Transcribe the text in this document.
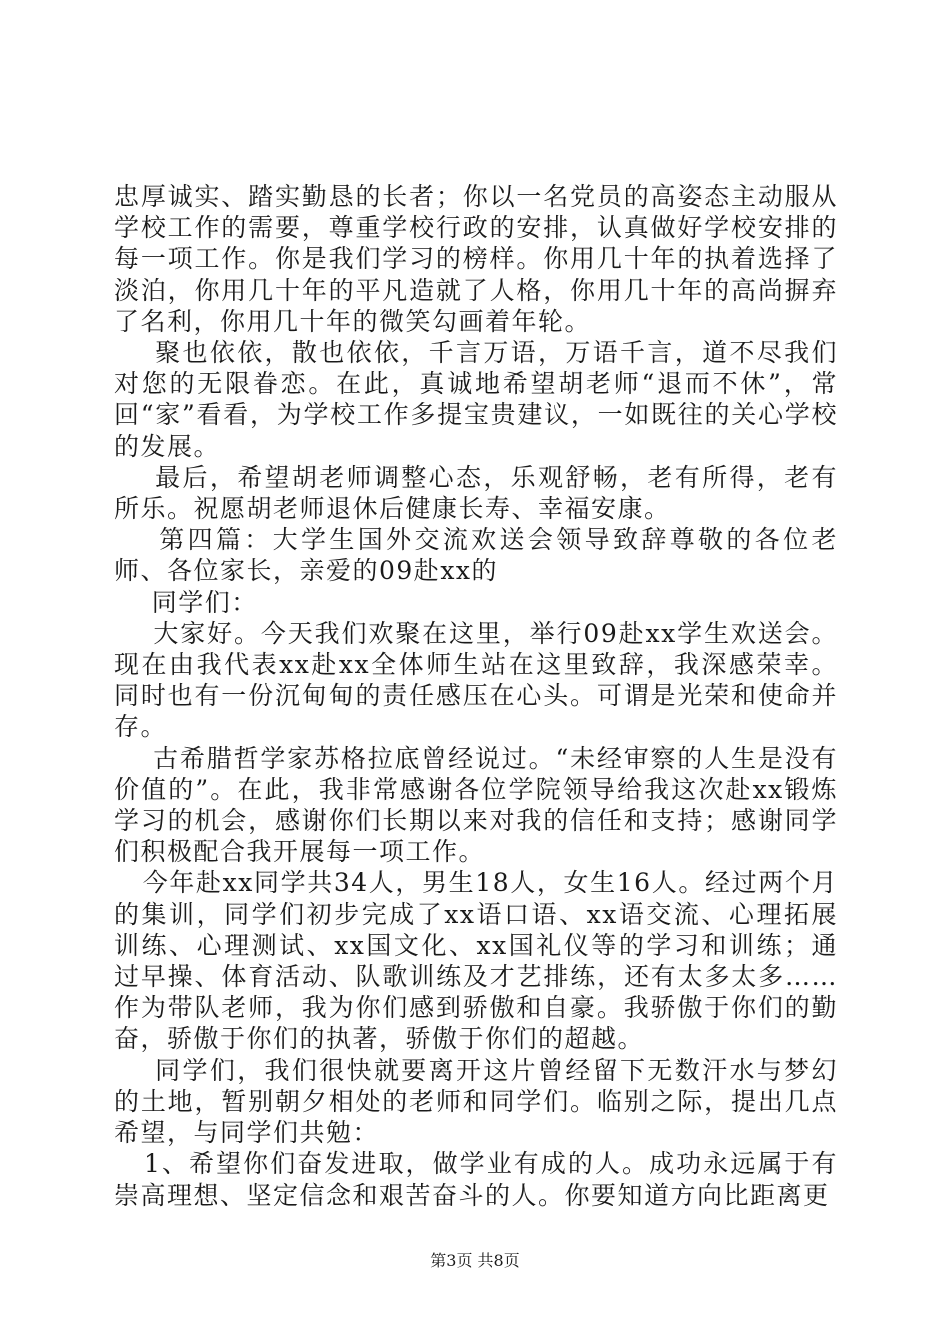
忠厚诚实、踏实勤恳的长者；你以一名党员的高姿态主动服从学校工作的需要，尊重学校行政的安排，认真做好学校安排的每一项工作。你是我们学习的榜样。你用几十年的执着选择了淡泊，你用几十年的平凡造就了人格，你用几十年的高尚摒弃了名利，你用几十年的微笑勾画着年轮。

聚也依依，散也依依，千言万语，万语千言，道不尽我们对您的无限眷恋。在此，真诚地希望胡老师“退而不休”，常回“家”看看，为学校工作多提宝贵建议，一如既往的关心学校的发展。

最后，希望胡老师调整心态，乐观舒畅，老有所得，老有所乐。祝愿胡老师退休后健康长寿、幸福安康。

第四篇：大学生国外交流欢送会领导致辞尊敬的各位老师、各位家长，亲爱的09赴xx的

同学们：

大家好。今天我们欢聚在这里，举行09赴xx学生欢送会。现在由我代表xx赴xx全体师生站在这里致辞，我深感荣幸。同时也有一份沉甸甸的责任感压在心头。可谓是光荣和使命并存。

古希腊哲学家苏格拉底曾经说过。“未经审察的人生是没有价值的”。在此，我非常感谢各位学院领导给我这次赴xx锻炼学习的机会，感谢你们长期以来对我的信任和支持；感谢同学们积极配合我开展每一项工作。

今年赴xx同学共34人，男生18人，女生16人。经过两个月的集训，同学们初步完成了xx语口语、xx语交流、心理拓展训练、心理测试、xx国文化、xx国礼仪等的学习和训练；通过早操、体育活动、队歌训练及才艺排练，还有太多太多……作为带队老师，我为你们感到骄傲和自豪。我骄傲于你们的勤奋，骄傲于你们的执著，骄傲于你们的超越。

同学们，我们很快就要离开这片曾经留下无数汗水与梦幻的土地，暂别朝夕相处的老师和同学们。临别之际，提出几点希望，与同学们共勉：

1、希望你们奋发进取，做学业有成的人。成功永远属于有崇高理想、坚定信念和艰苦奋斗的人。你要知道方向比距离更

第3页 共8页
